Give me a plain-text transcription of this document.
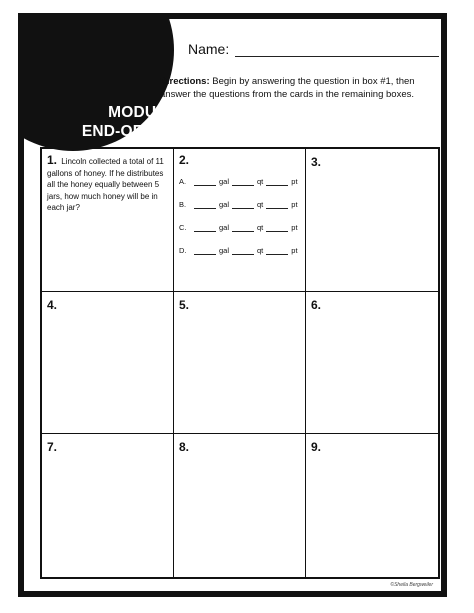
MODULE 4
END-OF-MODULE
REVIEW
Name:
Directions: Begin by answering the question in box #1, then answer the questions from the cards in the remaining boxes.
1. Lincoln collected a total of 11 gallons of honey. If he distributes all the honey equally between 5 jars, how much honey will be in each jar?
2.
A.	gal	qt	pt
B.	gal	qt	pt
C.	gal	qt	pt
D.	gal	qt	pt
3.
4.	5.	6.
7.	8.	9.
©Sheila Bergweiler
